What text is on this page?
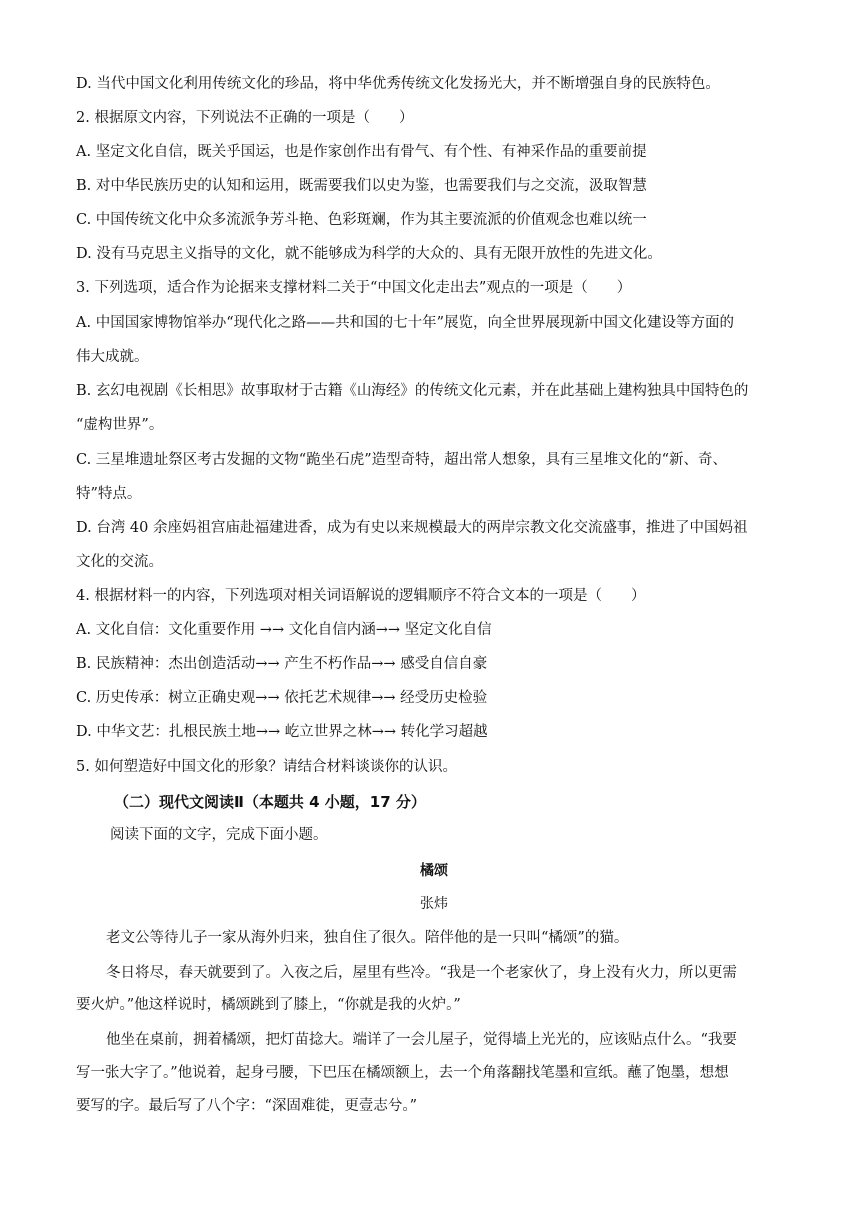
D. 当代中国文化利用传统文化的珍品，将中华优秀传统文化发扬光大，并不断增强自身的民族特色。
2. 根据原文内容，下列说法不正确的一项是（　　）
A. 坚定文化自信，既关乎国运，也是作家创作出有骨气、有个性、有神采作品的重要前提
B. 对中华民族历史的认知和运用，既需要我们以史为鉴，也需要我们与之交流，汲取智慧
C. 中国传统文化中众多流派争芳斗艳、色彩斑斓，作为其主要流派的价值观念也难以统一
D. 没有马克思主义指导的文化，就不能够成为科学的大众的、具有无限开放性的先进文化。
3. 下列选项，适合作为论据来支撑材料二关于“中国文化走出去”观点的一项是（　　）
A. 中国国家博物馆举办“现代化之路——共和国的七十年”展览，向全世界展现新中国文化建设等方面的
伟大成就。
B. 玄幻电视剧《长相思》故事取材于古籍《山海经》的传统文化元素，并在此基础上建构独具中国特色的
“虚构世界”。
C. 三星堆遗址祭区考古发掘的文物“跪坐石虎”造型奇特，超出常人想象，具有三星堆文化的“新、奇、
特”特点。
D. 台湾 40 余座妈祖宫庙赴福建进香，成为有史以来规模最大的两岸宗教文化交流盛事，推进了中国妈祖
文化的交流。
4. 根据材料一的内容，下列选项对相关词语解说的逻辑顺序不符合文本的一项是（　　）
A. 文化自信：文化重要作用 →→ 文化自信内涵→→ 坚定文化自信
B. 民族精神：杰出创造活动→→ 产生不朽作品→→ 感受自信自豪
C. 历史传承：树立正确史观→→ 依托艺术规律→→ 经受历史检验
D. 中华文艺：扎根民族土地→→ 屹立世界之林→→ 转化学习超越
5. 如何塑造好中国文化的形象？请结合材料谈谈你的认识。
（二）现代文阅读Ⅱ（本题共 4 小题，17 分）
阅读下面的文字，完成下面小题。
橘颂
张炜
老文公等待儿子一家从海外归来，独自住了很久。陪伴他的是一只叫“橘颂”的猫。
冬日将尽，春天就要到了。入夜之后，屋里有些冷。“我是一个老家伙了，身上没有火力，所以更需
要火炉。”他这样说时，橘颂跳到了膝上，“你就是我的火炉。”
他坐在桌前，拥着橘颂，把灯苗捻大。端详了一会儿屋子，觉得墙上光光的，应该贴点什么。“我要
写一张大字了。”他说着，起身弓腰，下巴压在橘颂额上，去一个角落翻找笔墨和宣纸。蘸了饱墨，想想
要写的字。最后写了八个字：“深固难徙，更壹志兮。”
